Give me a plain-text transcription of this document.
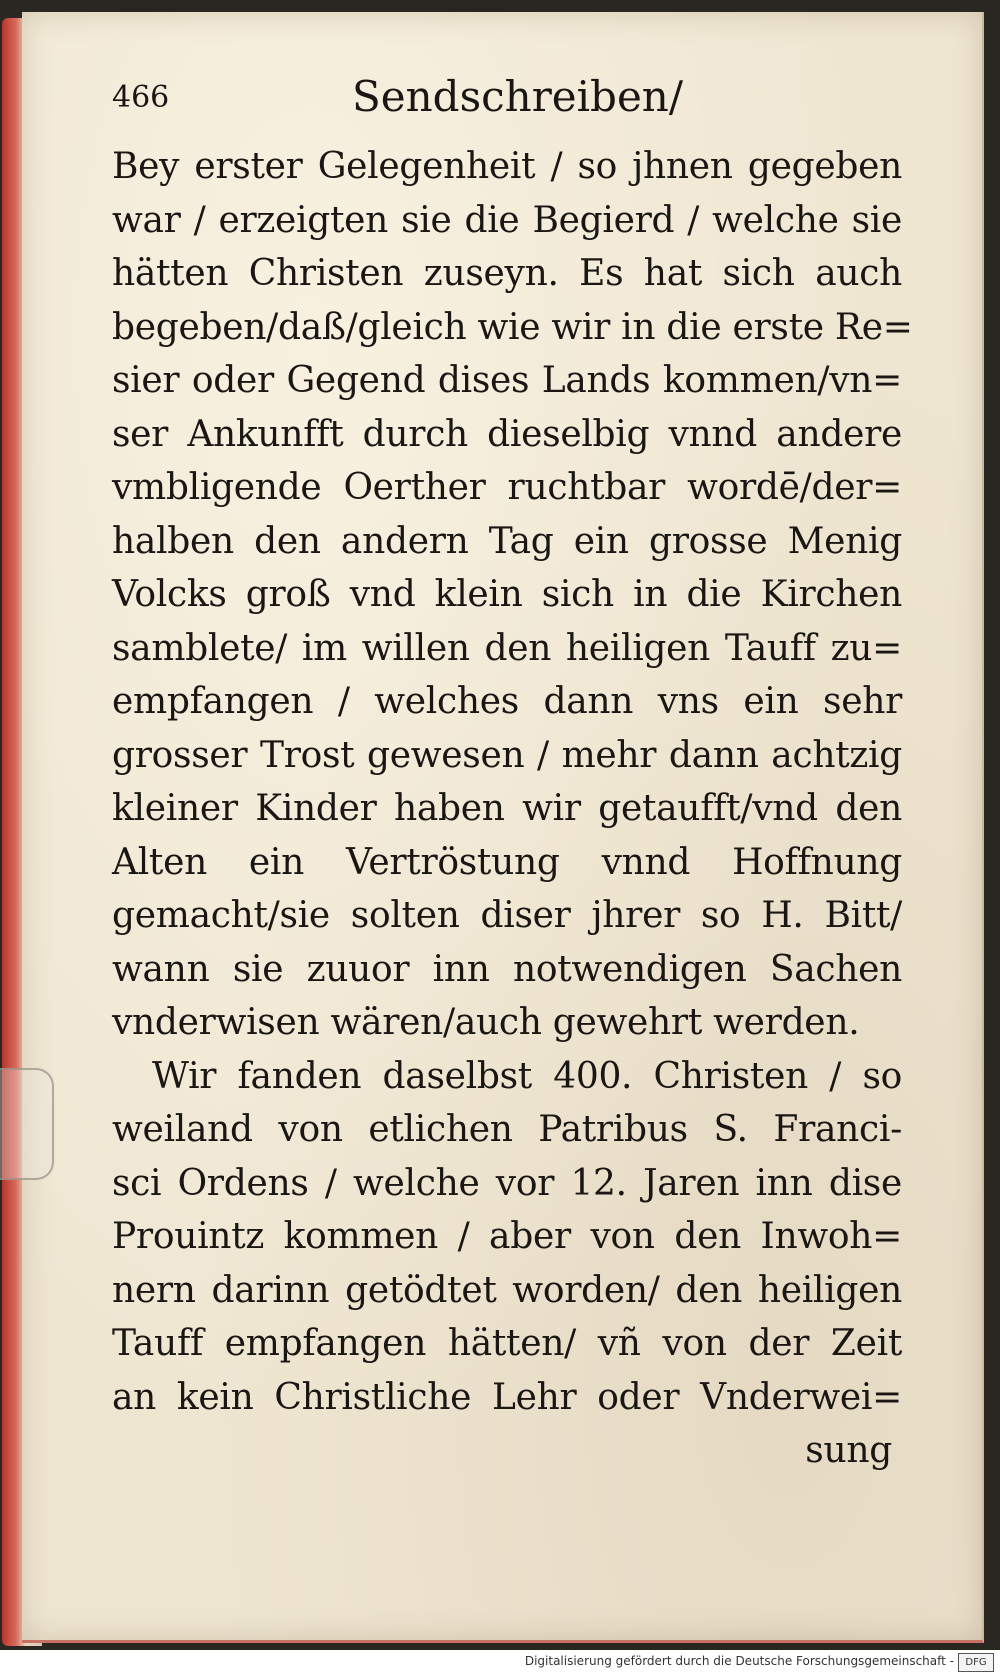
466	Sendschreiben/
Bey erster Gelegenheit / so jhnen gegeben
war / erzeigten sie die Begierd / welche sie
hätten Christen zuseyn. Es hat sich auch
begeben/daß/gleich wie wir in die erste Re=
sier oder Gegend dises Lands kommen/vn=
ser Ankunfft durch dieselbig vnnd andere
vmbligende Oerther ruchtbar wordē/der=
halben den andern Tag ein grosse Menig
Volcks groß vnd klein sich in die Kirchen
samblete/ im willen den heiligen Tauff zu=
empfangen / welches dann vns ein sehr
grosser Trost gewesen / mehr dann achtzig
kleiner Kinder haben wir getaufft/vnd den
Alten ein Vertröstung vnnd Hoffnung
gemacht/sie solten diser jhrer so H. Bitt/
wann sie zuuor inn notwendigen Sachen
vnderwisen wären/auch gewehrt werden.
Wir fanden daselbst 400. Christen / so
weiland von etlichen Patribus S. Franci-
sci Ordens / welche vor 12. Jaren inn dise
Prouintz kommen / aber von den Inwoh=
nern darinn getödtet worden/ den heiligen
Tauff empfangen hätten/ vñ von der Zeit
an kein Christliche Lehr oder Vnderwei=
sung
Digitalisierung gefördert durch die Deutsche Forschungsgemeinschaft -	DFG
